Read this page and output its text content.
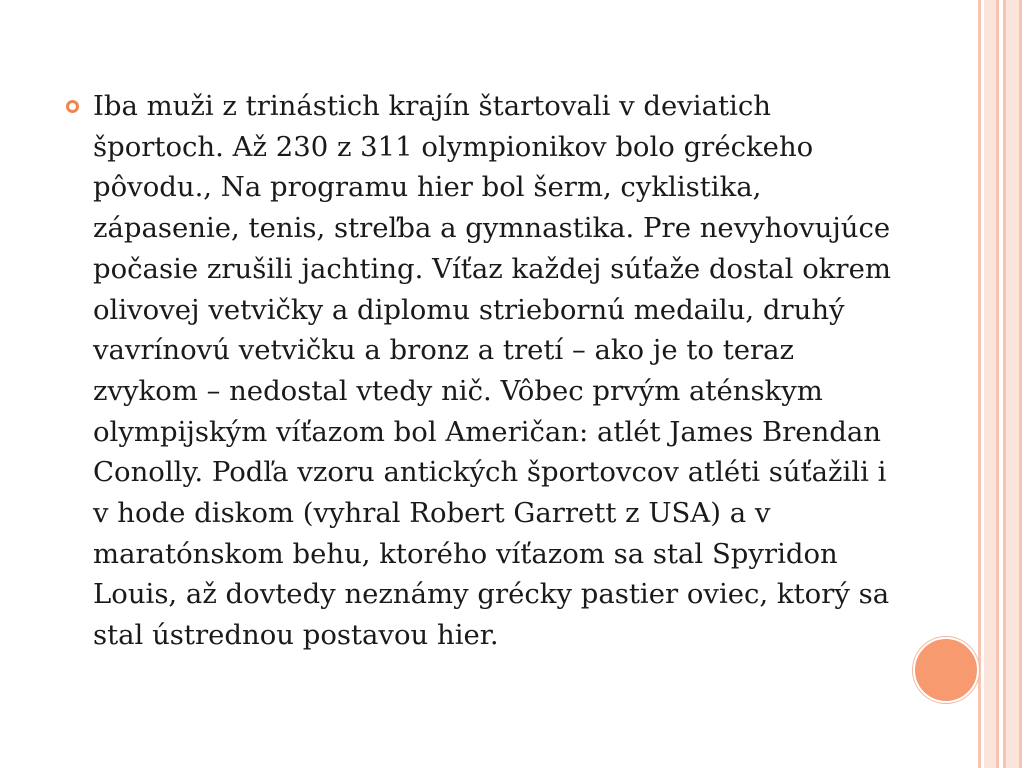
Iba muži z trinástich krajín štartovali v deviatich športoch. Až 230 z 311 olympionikov bolo gréckeho pôvodu., Na programu hier bol šerm, cyklistika, zápasenie, tenis, streľba a gymnastika. Pre nevyhovujúce počasie zrušili jachting. Víťaz každej súťaže dostal okrem olivovej vetvičky a diplomu striebornú medailu, druhý vavrínovú vetvičku a bronz a tretí – ako je to teraz zvykom – nedostal vtedy nič. Vôbec prvým aténskym olympijským víťazom bol Američan: atlét James Brendan Conolly. Podľa vzoru antických športovcov atléti súťažili i v hode diskom (vyhral Robert Garrett z USA) a v maratónskom behu, ktorého víťazom sa stal Spyridon Louis, až dovtedy neznámy grécky pastier oviec, ktorý sa stal ústrednou postavou hier.
